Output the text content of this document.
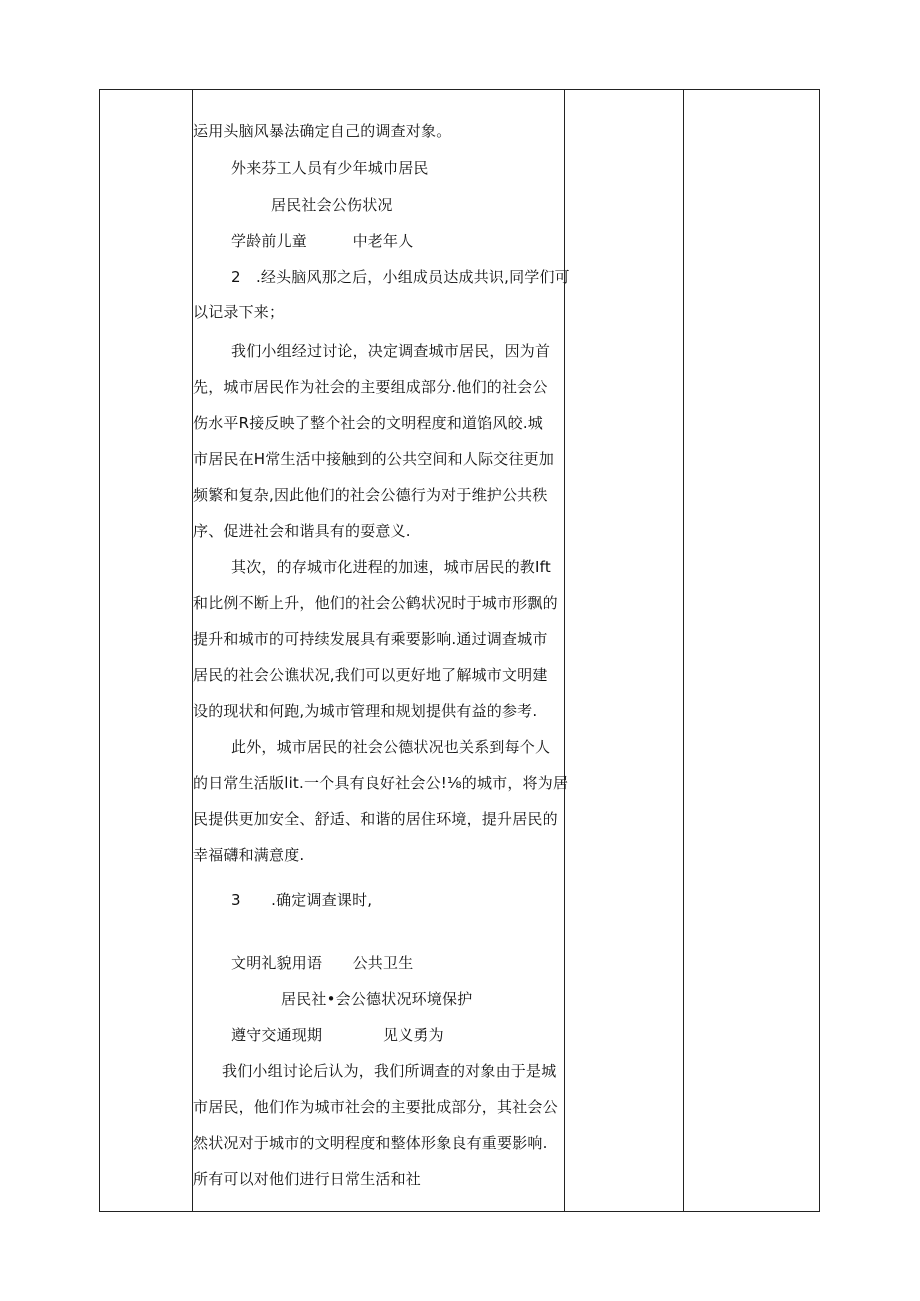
运用头脑风暴法确定自己的调查对象。
外来芬工人员有少年城巾居民
居民社会公伤状况
学龄前儿童　　　中老年人
2　.经头脑风那之后，小组成员达成共识,同学们可
以记录下来；
我们小组经过讨论，决定调查城市居民，因为首
先，城市居民作为社会的主要组成部分.他们的社会公
伤水平R接反映了整个社会的文明程度和道馅风皎.城
市居民在H常生活中接触到的公共空间和人际交往更加
频繁和复杂,因此他们的社会公德行为对于维护公共秩
序、促进社会和谐具有的耍意义.
其次，的存城市化进程的加速，城市居民的教Ift
和比例不断上升，他们的社会公鹤状况时于城市形飘的
提升和城市的可持续发展具有乘要影响.通过调查城市
居民的社会公谯状况,我们可以更好地了解城市文明建
设的现状和何跑,为城市管理和规划提供有益的参考.
此外，城市居民的社会公德状况也关系到每个人
的日常生活版lit.一个具有良好社会公!⅛的城市，将为居
民提供更加安全、舒适、和谐的居住环境，提升居民的
幸福礴和满意度.
3　　.确定调查课时,
文明礼貌用语　　公共卫生
居民社•会公德状况环境保护
遵守交通现期　　　　见义勇为
我们小组讨论后认为，我们所调查的对象由于是城
市居民，他们作为城市社会的主要批成部分，其社会公
然状况对于城市的文明程度和整体形象良有重要影响.
所有可以对他们进行日常生活和社
